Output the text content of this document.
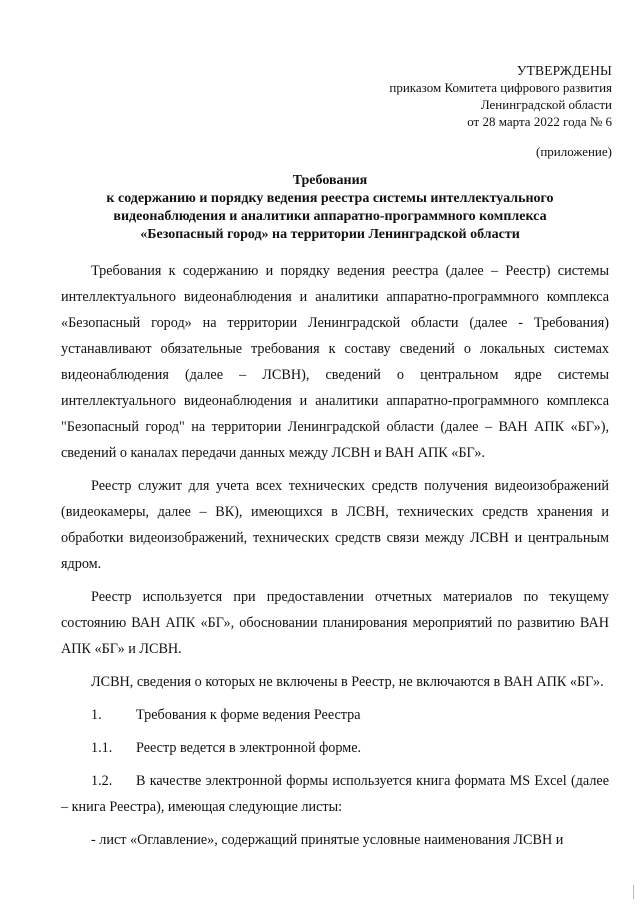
УТВЕРЖДЕНЫ
приказом Комитета цифрового развития
Ленинградской области
от 28 марта 2022 года № 6
(приложение)
Требования
к содержанию и порядку ведения реестра системы интеллектуального
видеонаблюдения и аналитики аппаратно-программного комплекса
«Безопасный город» на территории Ленинградской области

Требования к содержанию и порядку ведения реестра (далее – Реестр) системы интеллектуального видеонаблюдения и аналитики аппаратно-программного комплекса «Безопасный город» на территории Ленинградской области (далее - Требования) устанавливают обязательные требования к составу сведений о локальных системах видеонаблюдения (далее – ЛСВН), сведений о центральном ядре системы интеллектуального видеонаблюдения и аналитики аппаратно-программного комплекса "Безопасный город" на территории Ленинградской области (далее – ВАН АПК «БГ»), сведений о каналах передачи данных между ЛСВН и ВАН АПК «БГ».

Реестр служит для учета всех технических средств получения видеоизображений (видеокамеры, далее – ВК), имеющихся в ЛСВН, технических средств хранения и обработки видеоизображений, технических средств связи между ЛСВН и центральным ядром.

Реестр используется при предоставлении отчетных материалов по текущему состоянию ВАН АПК «БГ», обосновании планирования мероприятий по развитию ВАН АПК «БГ» и ЛСВН.

ЛСВН, сведения о которых не включены в Реестр, не включаются в ВАН АПК «БГ».

1.	Требования к форме ведения Реестра
1.1.	Реестр ведется в электронной форме.

1.2. В качестве электронной формы используется книга формата MS Excel (далее – книга Реестра), имеющая следующие листы:

- лист «Оглавление», содержащий принятые условные наименования ЛСВН и
